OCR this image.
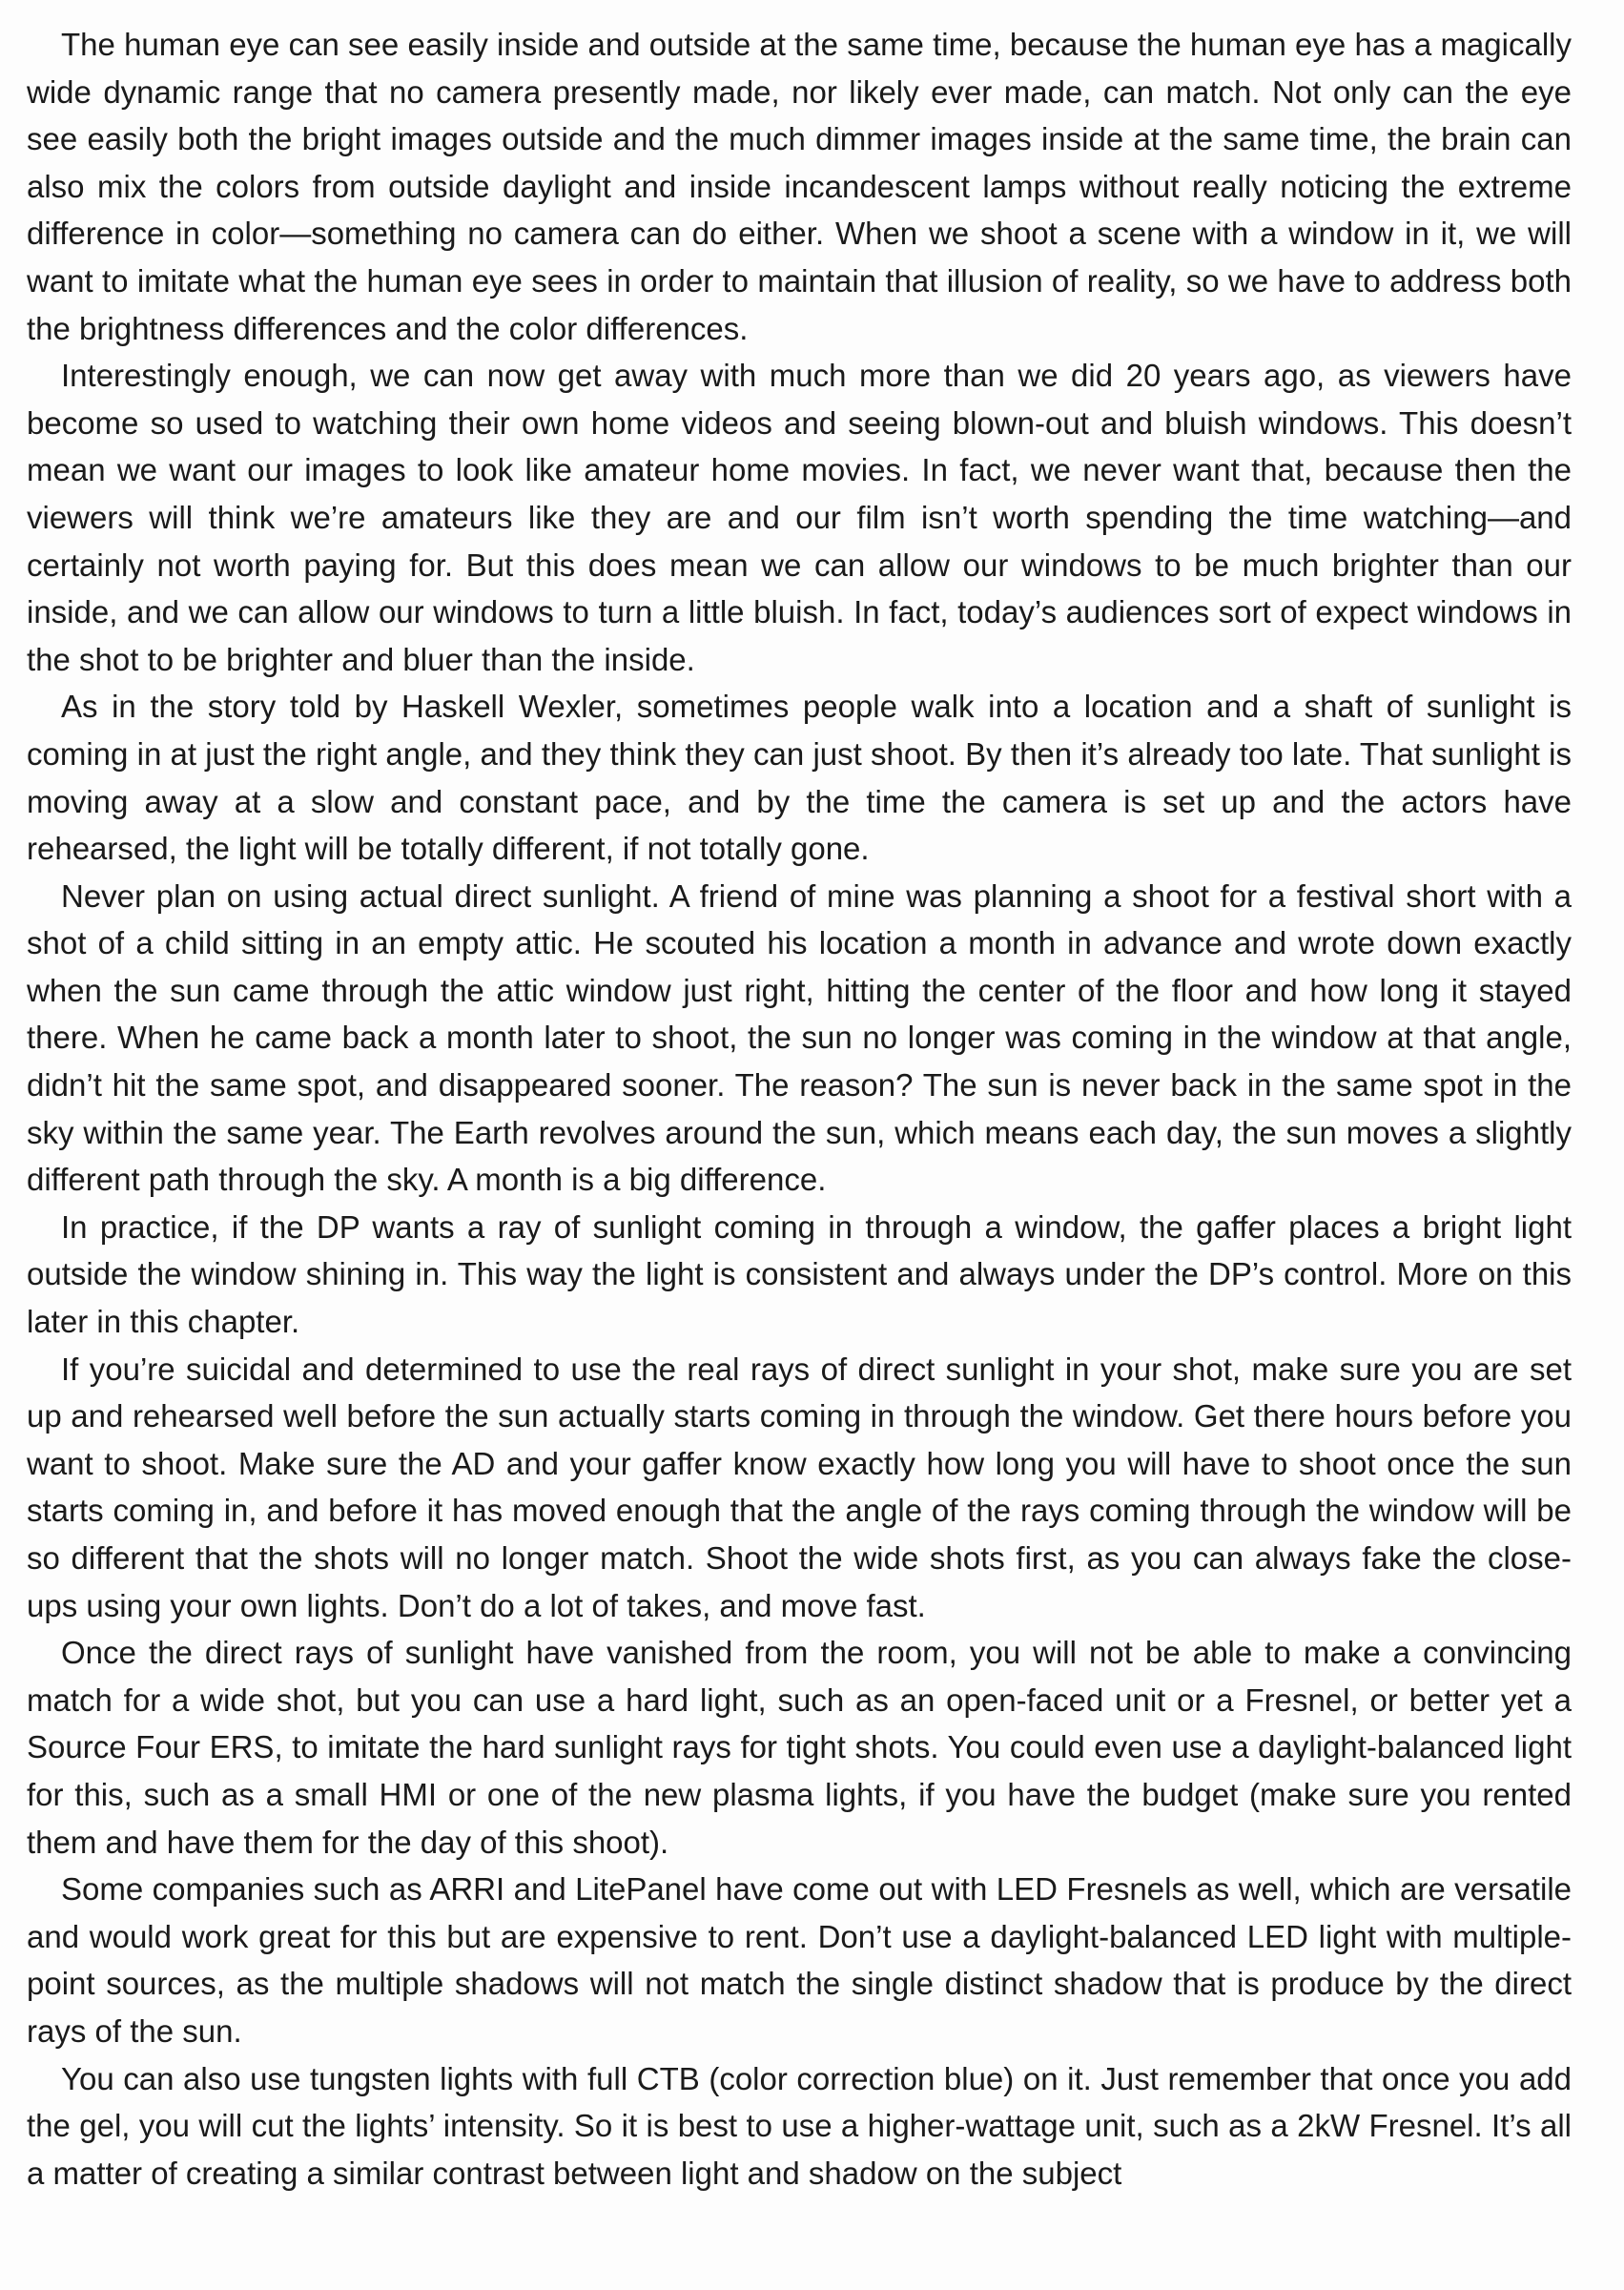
The human eye can see easily inside and outside at the same time, because the human eye has a magically wide dynamic range that no camera presently made, nor likely ever made, can match. Not only can the eye see easily both the bright images outside and the much dimmer images inside at the same time, the brain can also mix the colors from outside daylight and inside incandescent lamps without really noticing the extreme difference in color—something no camera can do either. When we shoot a scene with a window in it, we will want to imitate what the human eye sees in order to maintain that illusion of reality, so we have to address both the brightness differences and the color differences.

Interestingly enough, we can now get away with much more than we did 20 years ago, as viewers have become so used to watching their own home videos and seeing blown-out and bluish windows. This doesn’t mean we want our images to look like amateur home movies. In fact, we never want that, because then the viewers will think we’re amateurs like they are and our film isn’t worth spending the time watching—and certainly not worth paying for. But this does mean we can allow our windows to be much brighter than our inside, and we can allow our windows to turn a little bluish. In fact, today’s audiences sort of expect windows in the shot to be brighter and bluer than the inside.

As in the story told by Haskell Wexler, sometimes people walk into a location and a shaft of sunlight is coming in at just the right angle, and they think they can just shoot. By then it’s already too late. That sunlight is moving away at a slow and constant pace, and by the time the camera is set up and the actors have rehearsed, the light will be totally different, if not totally gone.

Never plan on using actual direct sunlight. A friend of mine was planning a shoot for a festival short with a shot of a child sitting in an empty attic. He scouted his location a month in advance and wrote down exactly when the sun came through the attic window just right, hitting the center of the floor and how long it stayed there. When he came back a month later to shoot, the sun no longer was coming in the window at that angle, didn’t hit the same spot, and disappeared sooner. The reason? The sun is never back in the same spot in the sky within the same year. The Earth revolves around the sun, which means each day, the sun moves a slightly different path through the sky. A month is a big difference.

In practice, if the DP wants a ray of sunlight coming in through a window, the gaffer places a bright light outside the window shining in. This way the light is consistent and always under the DP’s control. More on this later in this chapter.

If you’re suicidal and determined to use the real rays of direct sunlight in your shot, make sure you are set up and rehearsed well before the sun actually starts coming in through the window. Get there hours before you want to shoot. Make sure the AD and your gaffer know exactly how long you will have to shoot once the sun starts coming in, and before it has moved enough that the angle of the rays coming through the window will be so different that the shots will no longer match. Shoot the wide shots first, as you can always fake the close-ups using your own lights. Don’t do a lot of takes, and move fast.

Once the direct rays of sunlight have vanished from the room, you will not be able to make a convincing match for a wide shot, but you can use a hard light, such as an open-faced unit or a Fresnel, or better yet a Source Four ERS, to imitate the hard sunlight rays for tight shots. You could even use a daylight-balanced light for this, such as a small HMI or one of the new plasma lights, if you have the budget (make sure you rented them and have them for the day of this shoot).

Some companies such as ARRI and LitePanel have come out with LED Fresnels as well, which are versatile and would work great for this but are expensive to rent. Don’t use a daylight-balanced LED light with multiple-point sources, as the multiple shadows will not match the single distinct shadow that is produce by the direct rays of the sun.

You can also use tungsten lights with full CTB (color correction blue) on it. Just remember that once you add the gel, you will cut the lights’ intensity. So it is best to use a higher-wattage unit, such as a 2kW Fresnel. It’s all a matter of creating a similar contrast between light and shadow on the subject
